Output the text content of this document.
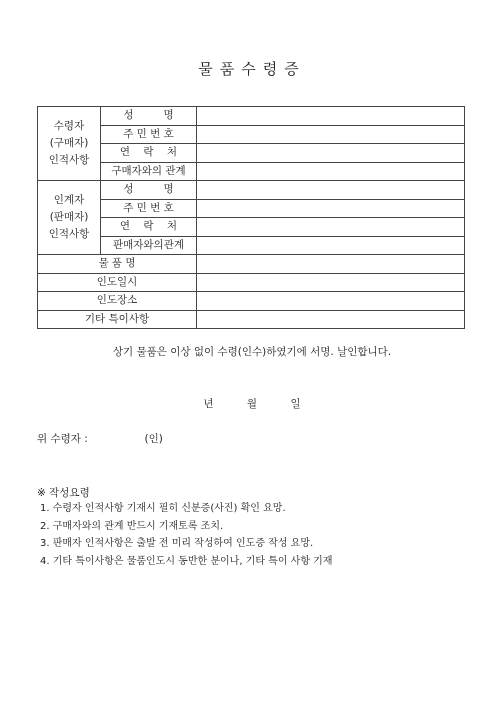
물품수령증
수령자
(구매자)
인적사항	성         명	
	주 민 번 호	
	연    락    처	
	구매자와의 관계	

인계자
(판매자)
인적사항	성         명	
	주 민 번 호	
	연    락    처	
	판매자와의관계	
물 품 명		
인도일시		
인도장소		
기타 특이사항		
상기 물품은 이상 없이 수령(인수)하였기에 서명. 날인합니다.
년          월          일
위 수령자 :                 (인)
※ 작성요령
1. 수령자 인적사항 기재시 필히 신분증(사진) 확인 요망.
2. 구매자와의 관계 반드시 기재토록 조치.
3. 판매자 인적사항은 출발 전 미리 작성하여 인도증 작성 요망.
4. 기타 특이사항은 물품인도시 동반한 분이나, 기타 특이 사항 기재
